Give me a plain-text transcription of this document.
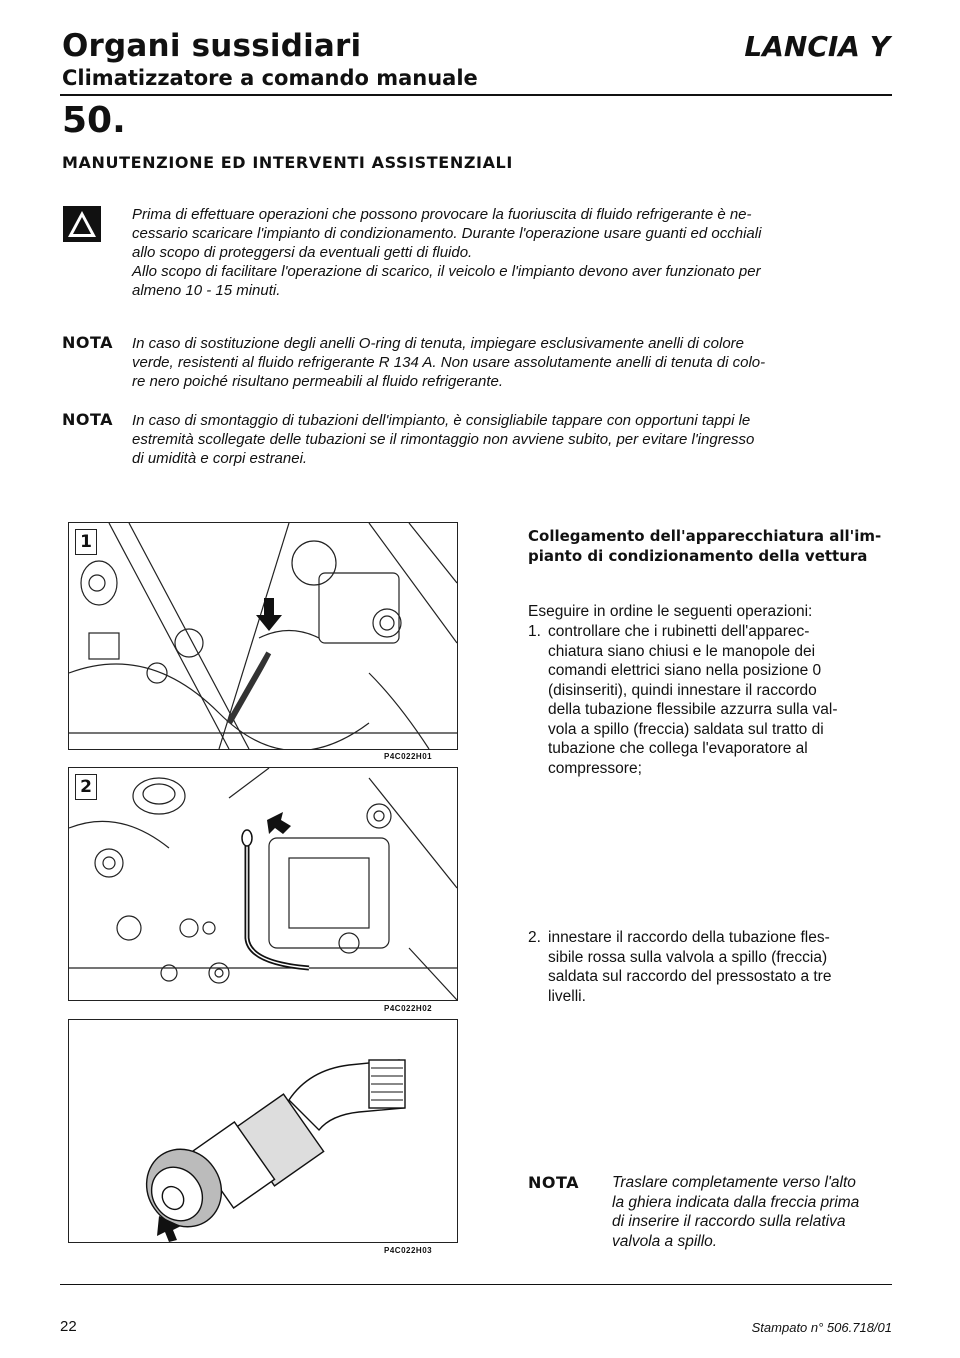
Organi sussidiari	LANCIA Y
Climatizzatore a comando manuale
50.
MANUTENZIONE ED INTERVENTI ASSISTENZIALI
Prima di effettuare operazioni che possono provocare la fuoriuscita di fluido refrigerante è ne-
cessario scaricare l'impianto di condizionamento. Durante l'operazione usare guanti ed occhiali
allo scopo di proteggersi da eventuali getti di fluido.
Allo scopo di facilitare l'operazione di scarico, il veicolo e l'impianto devono aver funzionato per
almeno 10 - 15 minuti.
NOTA In caso di sostituzione degli anelli O-ring di tenuta, impiegare esclusivamente anelli di colore
verde, resistenti al fluido refrigerante R 134 A. Non usare assolutamente anelli di tenuta di colo-
re nero poiché risultano permeabili al fluido refrigerante.
NOTA In caso di smontaggio di tubazioni dell'impianto, è consigliabile tappare con opportuni tappi le
estremità scollegate delle tubazioni se il rimontaggio non avviene subito, per evitare l'ingresso
di umidità e corpi estranei.
1
P4C022H01
2
P4C022H02
P4C022H03
Collegamento dell'apparecchiatura all'im-
pianto di condizionamento della vettura
Eseguire in ordine le seguenti operazioni:
1. controllare che i rubinetti dell'apparec-
chiatura siano chiusi e le manopole dei
comandi elettrici siano nella posizione 0
(disinseriti), quindi innestare il raccordo
della tubazione flessibile azzurra sulla val-
vola a spillo (freccia) saldata sul tratto di
tubazione che collega l'evaporatore al
compressore;
2. innestare il raccordo della tubazione fles-
sibile rossa sulla valvola a spillo (freccia)
saldata sul raccordo del pressostato a tre
livelli.
NOTA Traslare completamente verso l'alto
la ghiera indicata dalla freccia prima
di inserire il raccordo sulla relativa
valvola a spillo.
22	Stampato n° 506.718/01
